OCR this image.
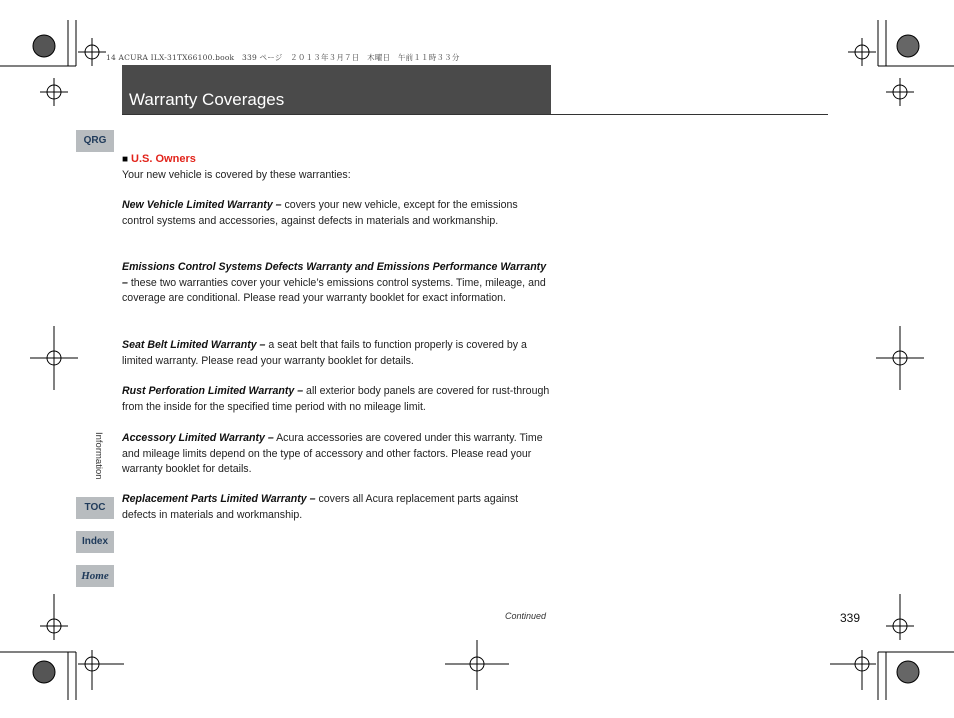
14 ACURA ILX-31TX66100.book　339 ページ　２０１３年３月７日　木曜日　午前１１時３３分
Warranty Coverages
QRG
Information
TOC
Index
Home
■ U.S. Owners
Your new vehicle is covered by these warranties:
New Vehicle Limited Warranty – covers your new vehicle, except for the emissions control systems and accessories, against defects in materials and workmanship.
Emissions Control Systems Defects Warranty and Emissions Performance Warranty – these two warranties cover your vehicle’s emissions control systems. Time, mileage, and coverage are conditional. Please read your warranty booklet for exact information.
Seat Belt Limited Warranty – a seat belt that fails to function properly is covered by a limited warranty. Please read your warranty booklet for details.
Rust Perforation Limited Warranty – all exterior body panels are covered for rust-through from the inside for the specified time period with no mileage limit.
Accessory Limited Warranty – Acura accessories are covered under this warranty. Time and mileage limits depend on the type of accessory and other factors. Please read your warranty booklet for details.
Replacement Parts Limited Warranty – covers all Acura replacement parts against defects in materials and workmanship.
Continued	339
